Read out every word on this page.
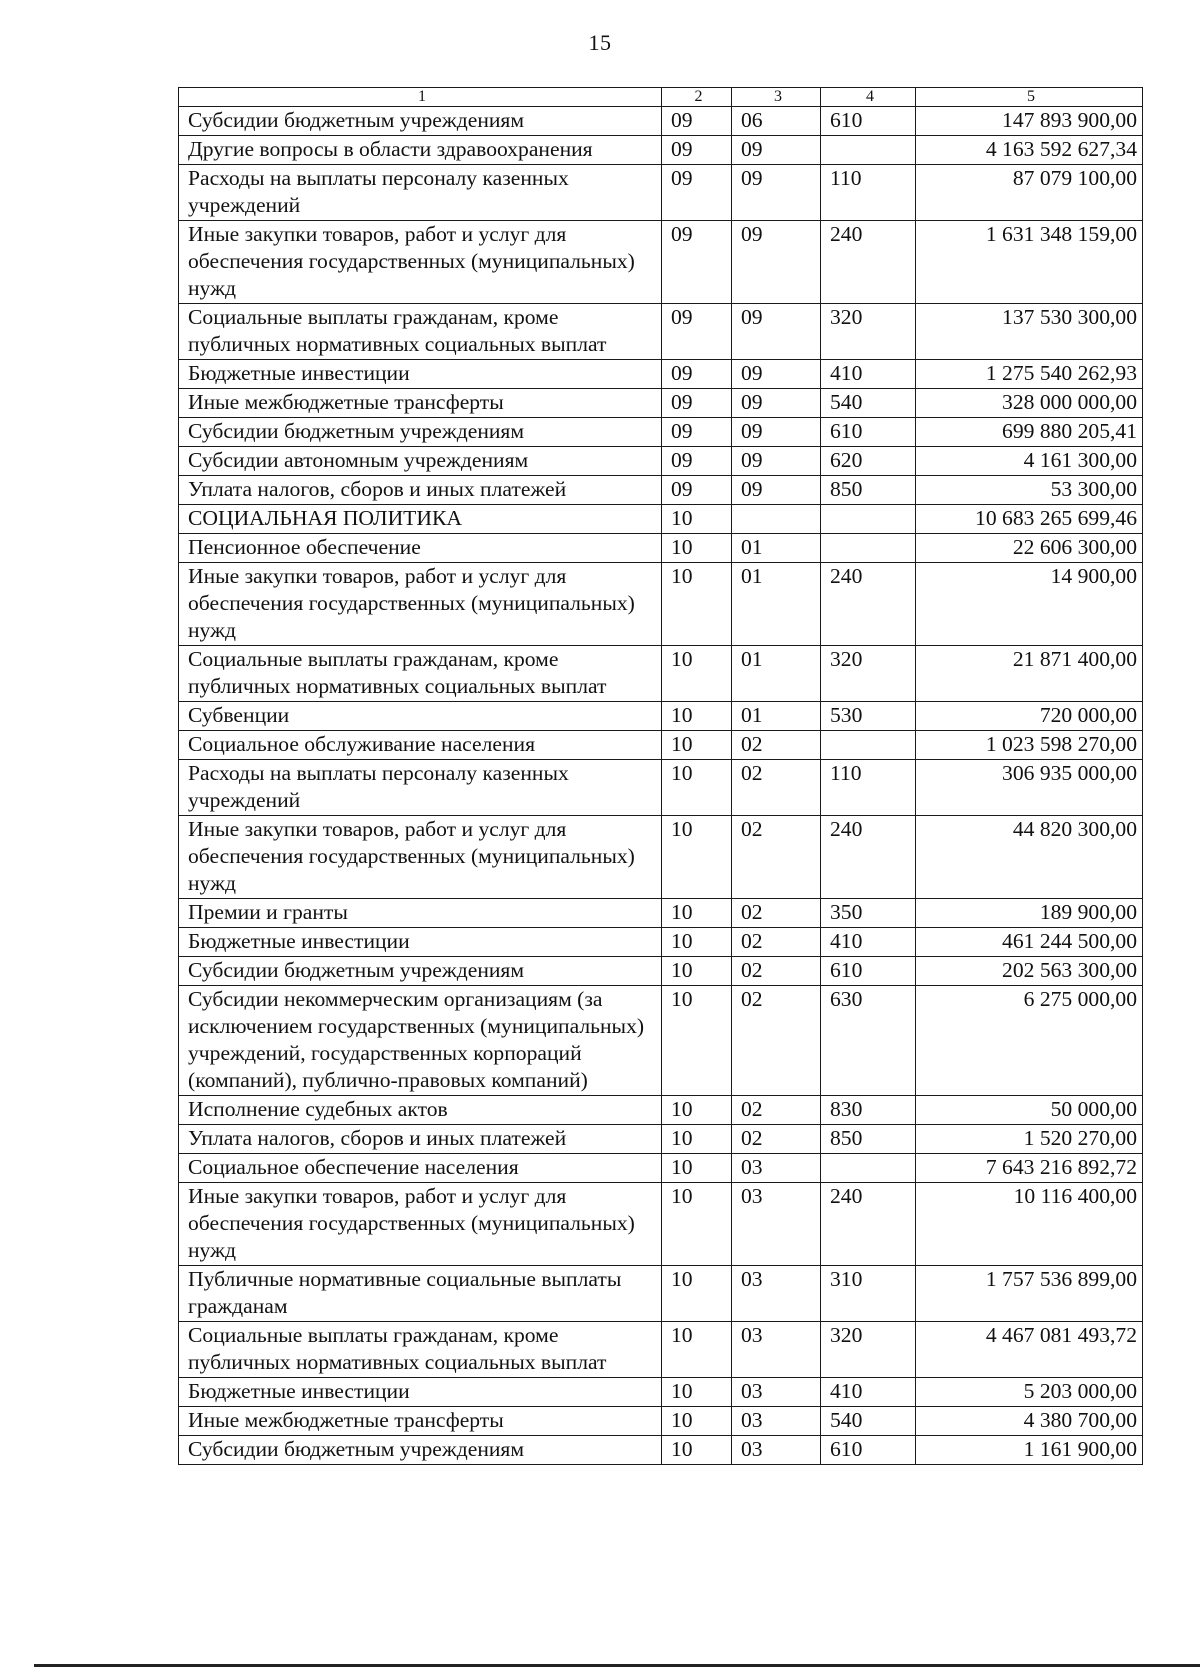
15
1	2	3	4	5
Субсидии бюджетным учреждениям	09	06	610	147 893 900,00
Другие вопросы в области здравоохранения	09	09		4 163 592 627,34
Расходы на выплаты персоналу казенных учреждений	09	09	110	87 079 100,00
Иные закупки товаров, работ и услуг для обеспечения государственных (муниципальных) нужд	09	09	240	1 631 348 159,00
Социальные выплаты гражданам, кроме публичных нормативных социальных выплат	09	09	320	137 530 300,00
Бюджетные инвестиции	09	09	410	1 275 540 262,93
Иные межбюджетные трансферты	09	09	540	328 000 000,00
Субсидии бюджетным учреждениям	09	09	610	699 880 205,41
Субсидии автономным учреждениям	09	09	620	4 161 300,00
Уплата налогов, сборов и иных платежей	09	09	850	53 300,00
СОЦИАЛЬНАЯ ПОЛИТИКА	10			10 683 265 699,46
Пенсионное обеспечение	10	01		22 606 300,00
Иные закупки товаров, работ и услуг для обеспечения государственных (муниципальных) нужд	10	01	240	14 900,00
Социальные выплаты гражданам, кроме публичных нормативных социальных выплат	10	01	320	21 871 400,00
Субвенции	10	01	530	720 000,00
Социальное обслуживание населения	10	02		1 023 598 270,00
Расходы на выплаты персоналу казенных учреждений	10	02	110	306 935 000,00
Иные закупки товаров, работ и услуг для обеспечения государственных (муниципальных) нужд	10	02	240	44 820 300,00
Премии и гранты	10	02	350	189 900,00
Бюджетные инвестиции	10	02	410	461 244 500,00
Субсидии бюджетным учреждениям	10	02	610	202 563 300,00
Субсидии некоммерческим организациям (за исключением государственных (муниципальных) учреждений, государственных корпораций (компаний), публично-правовых компаний)	10	02	630	6 275 000,00
Исполнение судебных актов	10	02	830	50 000,00
Уплата налогов, сборов и иных платежей	10	02	850	1 520 270,00
Социальное обеспечение населения	10	03		7 643 216 892,72
Иные закупки товаров, работ и услуг для обеспечения государственных (муниципальных) нужд	10	03	240	10 116 400,00
Публичные нормативные социальные выплаты гражданам	10	03	310	1 757 536 899,00
Социальные выплаты гражданам, кроме публичных нормативных социальных выплат	10	03	320	4 467 081 493,72
Бюджетные инвестиции	10	03	410	5 203 000,00
Иные межбюджетные трансферты	10	03	540	4 380 700,00
Субсидии бюджетным учреждениям	10	03	610	1 161 900,00
